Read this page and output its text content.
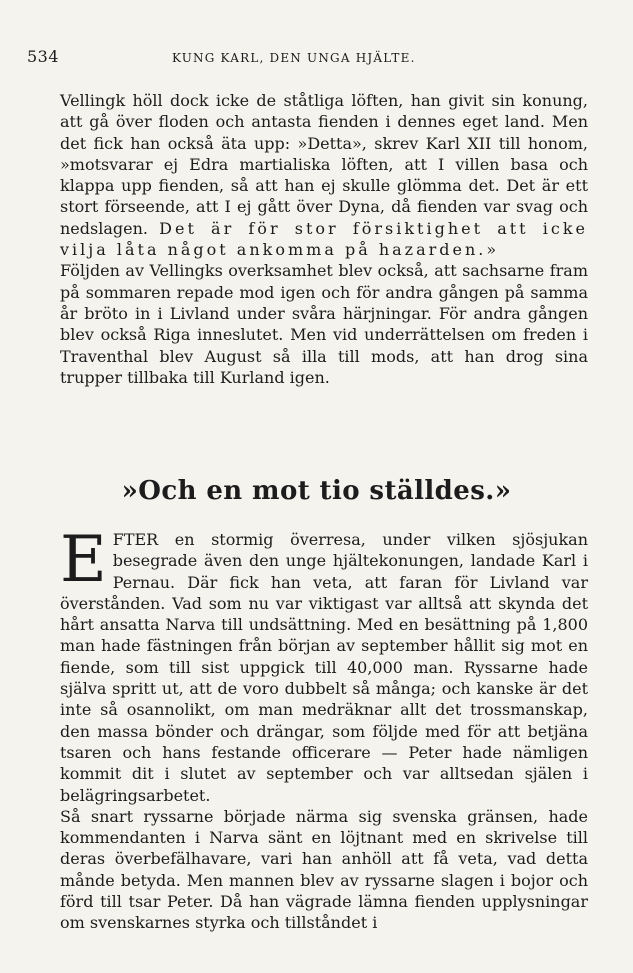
534	KUNG KARL, DEN UNGA HJÄLTE.

Vellingk höll dock icke de ståtliga löften, han givit sin konung, att gå över floden och antasta fienden i dennes eget land. Men det fick han också äta upp: »Detta», skrev Karl XII till honom, »motsvarar ej Edra martialiska löften, att I villen basa och klappa upp fienden, så att han ej skulle glömma det. Det är ett stort förseende, att I ej gått över Dyna, då fienden var svag och nedslagen. Det är för stor försiktighet att icke vilja låta något ankomma på hazarden.»

Följden av Vellingks overksamhet blev också, att sachsarne fram på sommaren repade mod igen och för andra gången på samma år bröto in i Livland under svåra härjningar. För andra gången blev också Riga inneslutet. Men vid underrättelsen om freden i Traventhal blev August så illa till mods, att han drog sina trupper tillbaka till Kurland igen.

»Och en mot tio ställdes.»

EFTER en stormig överresa, under vilken sjösjukan besegrade även den unge hjältekonungen, landade Karl i Pernau. Där fick han veta, att faran för Livland var överstånden. Vad som nu var viktigast var alltså att skynda det hårt ansatta Narva till undsättning. Med en besättning på 1,800 man hade fästningen från början av september hållit sig mot en fiende, som till sist uppgick till 40,000 man. Ryssarne hade själva spritt ut, att de voro dubbelt så många; och kanske är det inte så osannolikt, om man medräknar allt det trossmanskap, den massa bönder och drängar, som följde med för att betjäna tsaren och hans festande officerare — Peter hade nämligen kommit dit i slutet av september och var alltsedan själen i belägringsarbetet.

Så snart ryssarne började närma sig svenska gränsen, hade kommendanten i Narva sänt en löjtnant med en skrivelse till deras överbefälhavare, vari han anhöll att få veta, vad detta månde betyda. Men mannen blev av ryssarne slagen i bojor och förd till tsar Peter. Då han vägrade lämna fienden upplysningar om svenskarnes styrka och tillståndet i
